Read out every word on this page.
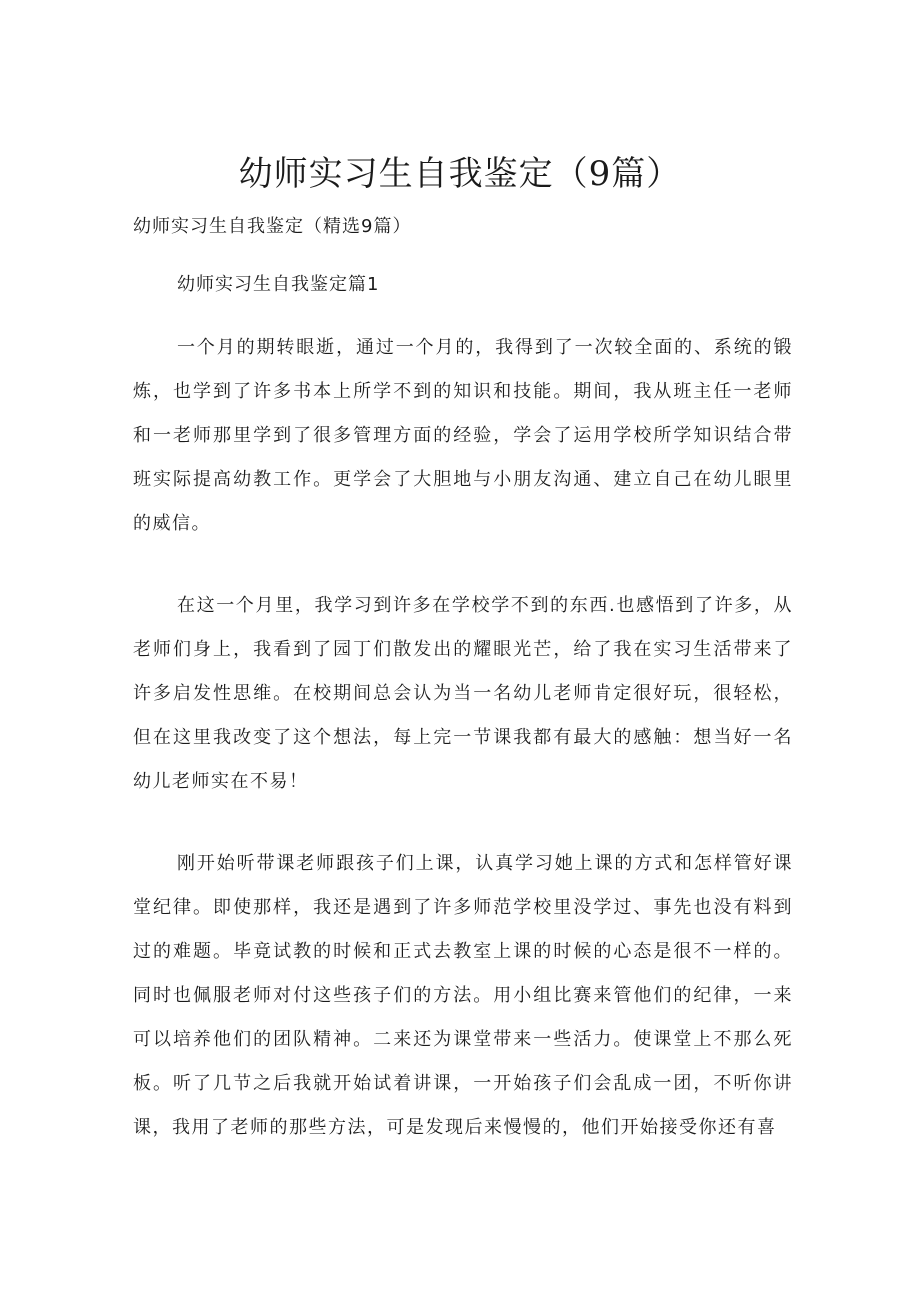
幼师实习生自我鉴定（9篇）
幼师实习生自我鉴定（精选9篇）
幼师实习生自我鉴定篇1

一个月的期转眼逝，通过一个月的，我得到了一次较全面的、系统的锻炼，也学到了许多书本上所学不到的知识和技能。期间，我从班主任一老师和一老师那里学到了很多管理方面的经验，学会了运用学校所学知识结合带班实际提高幼教工作。更学会了大胆地与小朋友沟通、建立自己在幼儿眼里的威信。

在这一个月里，我学习到许多在学校学不到的东西.也感悟到了许多，从老师们身上，我看到了园丁们散发出的耀眼光芒，给了我在实习生活带来了许多启发性思维。在校期间总会认为当一名幼儿老师肯定很好玩，很轻松，但在这里我改变了这个想法，每上完一节课我都有最大的感触：想当好一名幼儿老师实在不易！

刚开始听带课老师跟孩子们上课，认真学习她上课的方式和怎样管好课堂纪律。即使那样，我还是遇到了许多师范学校里没学过、事先也没有料到过的难题。毕竟试教的时候和正式去教室上课的时候的心态是很不一样的。同时也佩服老师对付这些孩子们的方法。用小组比赛来管他们的纪律，一来可以培养他们的团队精神。二来还为课堂带来一些活力。使课堂上不那么死板。听了几节之后我就开始试着讲课，一开始孩子们会乱成一团，不听你讲课，我用了老师的那些方法，可是发现后来慢慢的，他们开始接受你还有喜
